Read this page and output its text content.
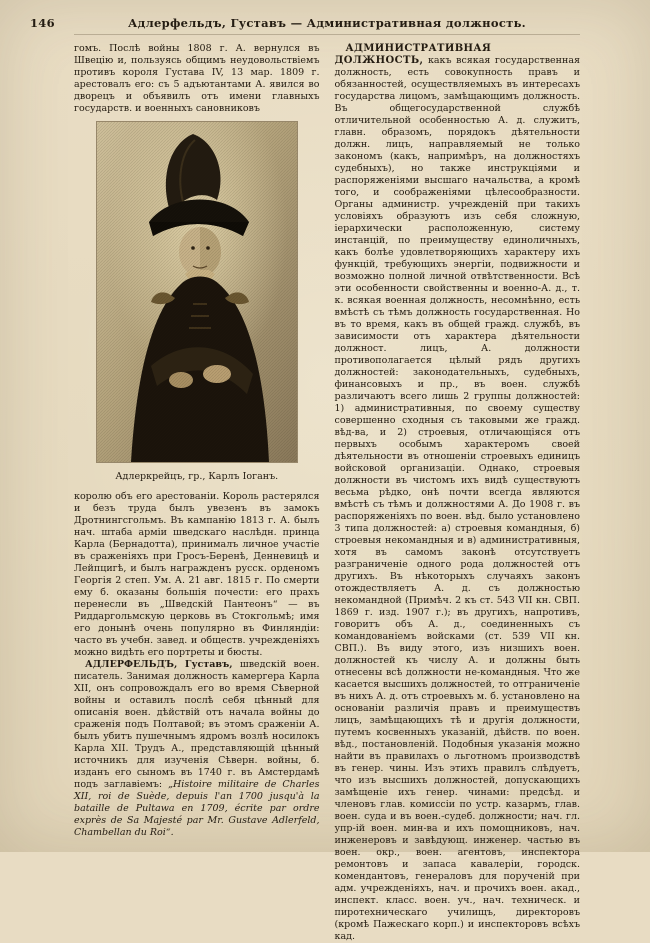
146	Адлерфельдъ, Густавъ — Административная должность.

гомъ. Послѣ войны 1808 г. А. вернулся въ Швецію и, пользуясь общимъ неудовольствіемъ противъ короля Густава IV, 13 мар. 1809 г. арестовалъ его: съ 5 адъютантами А. явился во дворецъ и объявилъ отъ имени главныхъ государств. и военныхъ сановниковъ

Адлеркрейцъ, гр., Карлъ Іоганъ.

королю объ его арестованіи. Король растерялся и безъ труда былъ увезенъ въ замокъ Дротнингсгольмъ. Въ кампанію 1813 г. А. былъ нач. штаба арміи шведскаго наслѣдн. принца Карла (Бернадотта), принималъ личное участіе въ сраженіяхъ при Гросъ-Беренѣ, Денневицѣ и Лейпцигѣ, и былъ награжденъ русск. орденомъ Георгія 2 степ. Ум. А. 21 авг. 1815 г. По смерти ему б. оказаны большія почести: его прахъ перенесли въ „Шведскій Пантеонъ“ — въ Риддаргольмскую церковь въ Стокгольмѣ; имя его донынѣ очень популярно въ Финляндіи: часто въ учебн. завед. и обществ. учрежденіяхъ можно видѣть его портреты и бюсты.

АДЛЕРФЕЛЬДЪ, Густавъ, шведскій воен. писатель. Занимая должность камергера Карла XII, онъ сопровождалъ его во время Сѣверной войны и оставилъ послѣ себя цѣнный для описанія воен. дѣйствій отъ начала войны до сраженія подъ Полтавой; въ этомъ сраженіи А. былъ убитъ пушечнымъ ядромъ возлѣ носилокъ Карла XII. Трудъ А., представляющій цѣнный источникъ для изученія Сѣверн. войны, б. изданъ его сыномъ въ 1740 г. въ Амстердамѣ подъ заглавіемъ: „Histoire militaire de Charles XII, roi de Suède, depuis l'an 1700 jusqu'à la bataille de Pultawa en 1709, écrite par ordre exprès de Sa Majesté par Mr. Gustave Adlerfeld, Chambellan du Roi“.

АДМИНИСТРАТИВНАЯ ДОЛЖНОСТЬ, какъ всякая государственная должность, есть совокупность правъ и обязанностей, осуществляемыхъ въ интересахъ государства лицомъ, замѣщающимъ должность. Въ общегосударственной службѣ отличительной особенностью А. д. служитъ, главн. образомъ, порядокъ дѣятельности должн. лицъ, направляемый не только закономъ (какъ, напримѣръ, на должностяхъ судебныхъ), но также инструкціями и распоряженіями высшаго начальства, а кромѣ того, и соображеніями цѣлесообразности. Органы администр. учрежденій при такихъ условіяхъ образуютъ изъ себя сложную, іерархически расположенную, систему инстанцій, по преимуществу единоличныхъ, какъ болѣе удовлетворяющихъ характеру ихъ функцій, требующихъ энергіи, подвижности и возможно полной личной отвѣтственности. Всѣ эти особенности свойственны и военно-А. д., т. к. всякая военная должность, несомнѣнно, есть вмѣстѣ съ тѣмъ должность государственная. Но въ то время, какъ въ общей гражд. службѣ, въ зависимости отъ характера дѣятельности должност. лицъ, А. должности противополагается цѣлый рядъ другихъ должностей: законодательныхъ, судебныхъ, финансовыхъ и пр., въ воен. службѣ различаютъ всего лишь 2 группы должностей: 1) административныя, по своему существу совершенно сходныя съ таковыми же гражд. вѣд-ва, и 2) строевыя, отличающіяся отъ первыхъ особымъ характеромъ своей дѣятельности въ отношеніи строевыхъ единицъ войсковой организаціи. Однако, строевыя должности въ чистомъ ихъ видѣ существуютъ весьма рѣдко, онѣ почти всегда являются вмѣстѣ съ тѣмъ и должностями А. До 1908 г. въ распоряженіяхъ по воен. вѣд. было установлено 3 типа должностей: а) строевыя командныя, б) строевыя некомандныя и в) административныя, хотя въ самомъ законѣ отсутствуетъ разграниченіе одного рода должностей отъ другихъ. Въ нѣкоторыхъ случаяхъ законъ отождествляетъ А. д. съ должностью некомандной (Примѣч. 2 къ ст. 543 VII кн. СВП. 1869 г. изд. 1907 г.); въ другихъ, напротивъ, говоритъ объ А. д., соединенныхъ съ командованіемъ войсками (ст. 539 VII кн. СВП.). Въ виду этого, изъ низшихъ воен. должностей къ числу А. и должны быть отнесены всѣ должности не-командныя. Что же касается высшихъ должностей, то отграниченіе въ нихъ А. д. отъ строевыхъ м. б. установлено на основаніи различія правъ и преимуществъ лицъ, замѣщающихъ тѣ и другія должности, путемъ косвенныхъ указаній, дѣйств. по воен. вѣд., постановленій. Подобныя указанія можно найти въ правилахъ о льготномъ производствѣ въ генер. чины. Изъ этихъ правилъ слѣдуетъ, что изъ высшихъ должностей, допускающихъ замѣщеніе ихъ генер. чинами: предсѣд. и членовъ глав. комиссіи по устр. казармъ, глав. воен. суда и въ воен.-судеб. должности; нач. гл. упр-ій воен. мин-ва и ихъ помощниковъ, нач. инженеровъ и завѣдующ. инженер. частью въ воен. окр., воен. агентовъ, инспектора ремонтовъ и запаса кавалеріи, городск. комендантовъ, генераловъ для порученій при адм. учрежденіяхъ, нач. и прочихъ воен. акад., инспект. класс. воен. уч., нач. техническ. и пиротехническаго училищъ, директоровъ (кромѣ Пажескаго корп.) и инспекторовъ всѣхъ кад.
